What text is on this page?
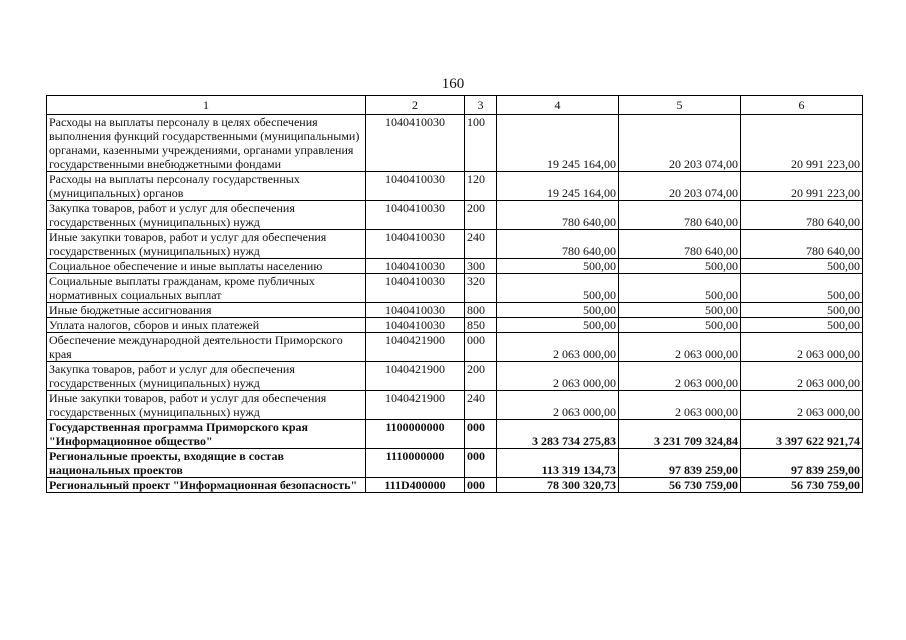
160
1	2	3	4	5	6
Расходы на выплаты персоналу в целях обеспечения выполнения функций государственными (муниципальными) органами, казенными учреждениями, органами управления государственными внебюджетными фондами	1040410030	100	19 245 164,00	20 203 074,00	20 991 223,00
Расходы на выплаты персоналу государственных (муниципальных) органов	1040410030	120	19 245 164,00	20 203 074,00	20 991 223,00
Закупка товаров, работ и услуг для обеспечения государственных (муниципальных) нужд	1040410030	200	780 640,00	780 640,00	780 640,00
Иные закупки товаров, работ и услуг для обеспечения государственных (муниципальных) нужд	1040410030	240	780 640,00	780 640,00	780 640,00
Социальное обеспечение и иные выплаты населению	1040410030	300	500,00	500,00	500,00
Социальные выплаты гражданам, кроме публичных нормативных социальных выплат	1040410030	320	500,00	500,00	500,00
Иные бюджетные ассигнования	1040410030	800	500,00	500,00	500,00
Уплата налогов, сборов и иных платежей	1040410030	850	500,00	500,00	500,00
Обеспечение международной деятельности Приморского края	1040421900	000	2 063 000,00	2 063 000,00	2 063 000,00
Закупка товаров, работ и услуг для обеспечения государственных (муниципальных) нужд	1040421900	200	2 063 000,00	2 063 000,00	2 063 000,00
Иные закупки товаров, работ и услуг для обеспечения государственных (муниципальных) нужд	1040421900	240	2 063 000,00	2 063 000,00	2 063 000,00
Государственная программа Приморского края "Информационное общество"	1100000000	000	3 283 734 275,83	3 231 709 324,84	3 397 622 921,74
Региональные проекты, входящие в состав национальных проектов	1110000000	000	113 319 134,73	97 839 259,00	97 839 259,00
Региональный проект "Информационная безопасность"	111D400000	000	78 300 320,73	56 730 759,00	56 730 759,00
